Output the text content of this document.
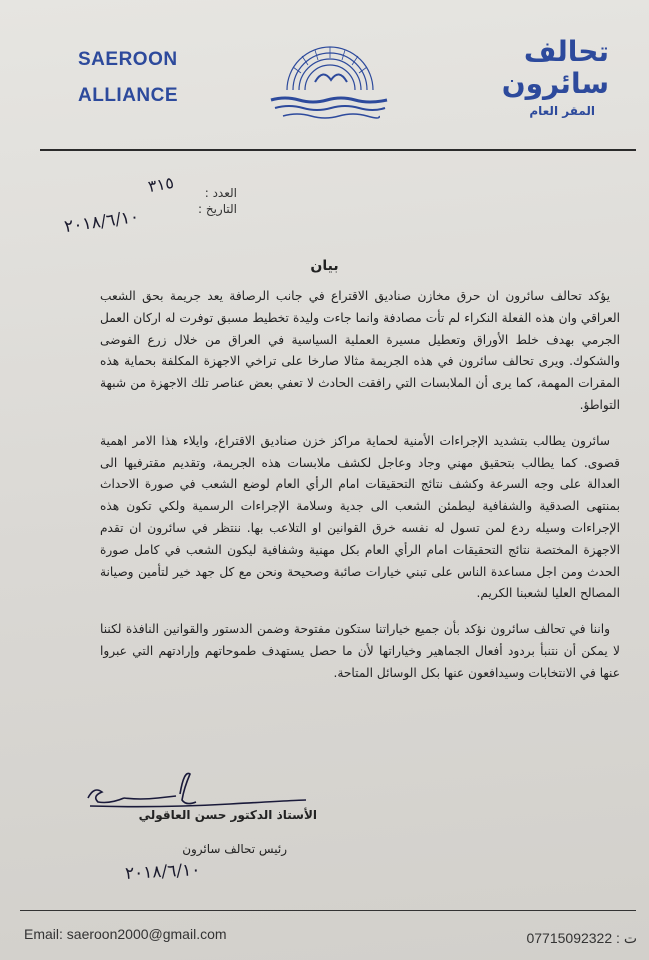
SAEROON
ALLIANCE
تحالف
سائرون
المقر العام
العدد :
التاريخ :
٣١٥
٢٠١٨/٦/١٠
بيان

يؤكد تحالف سائرون ان حرق مخازن صناديق الاقتراع في جانب الرصافة يعد جريمة بحق الشعب العراقي وان هذه الفعلة النكراء لم تأت مصادفة وانما جاءت وليدة تخطيط مسبق توفرت له اركان العمل الجرمي بهدف خلط الأوراق وتعطيل مسيرة العملية السياسية في العراق من خلال زرع الفوضى والشكوك. ويرى تحالف سائرون في هذه الجريمة مثالا صارخا على تراخي الاجهزة المكلفة بحماية هذه المقرات المهمة، كما يرى أن الملابسات التي رافقت الحادث لا تعفي بعض عناصر تلك الاجهزة من شبهة التواطؤ.

سائرون يطالب بتشديد الإجراءات الأمنية لحماية مراكز خزن صناديق الاقتراع، وايلاء هذا الامر اهمية قصوى. كما يطالب بتحقيق مهني وجاد وعاجل لكشف ملابسات هذه الجريمة، وتقديم مقترفيها الى العدالة على وجه السرعة وكشف نتائج التحقيقات امام الرأي العام لوضع الشعب في صورة الاحداث بمنتهى الصدقية والشفافية ليطمئن الشعب الى جدية وسلامة الإجراءات الرسمية ولكي تكون هذه الإجراءات وسيله ردع لمن تسول له نفسه خرق القوانين او التلاعب بها. ننتظر في سائرون ان تقدم الاجهزة المختصة نتائج التحقيقات امام الرأي العام بكل مهنية وشفافية ليكون الشعب في كامل صورة الحدث ومن اجل مساعدة الناس على تبني خيارات صائبة وصحيحة ونحن مع كل جهد خير لتأمين وصيانة المصالح العليا لشعبنا الكريم.

واننا في تحالف سائرون نؤكد بأن جميع خياراتنا ستكون مفتوحة وضمن الدستور والقوانين النافذة لكننا لا يمكن أن نتنبأ بردود أفعال الجماهير وخياراتها لأن ما حصل يستهدف طموحاتهم وإرادتهم التي عبروا عنها في الانتخابات وسيدافعون عنها بكل الوسائل المتاحة.

الأستاذ الدكتور حسن العاقولي
رئيس تحالف سائرون
٢٠١٨/٦/١٠
Email: saeroon2000@gmail.com	07715092322 : ت
